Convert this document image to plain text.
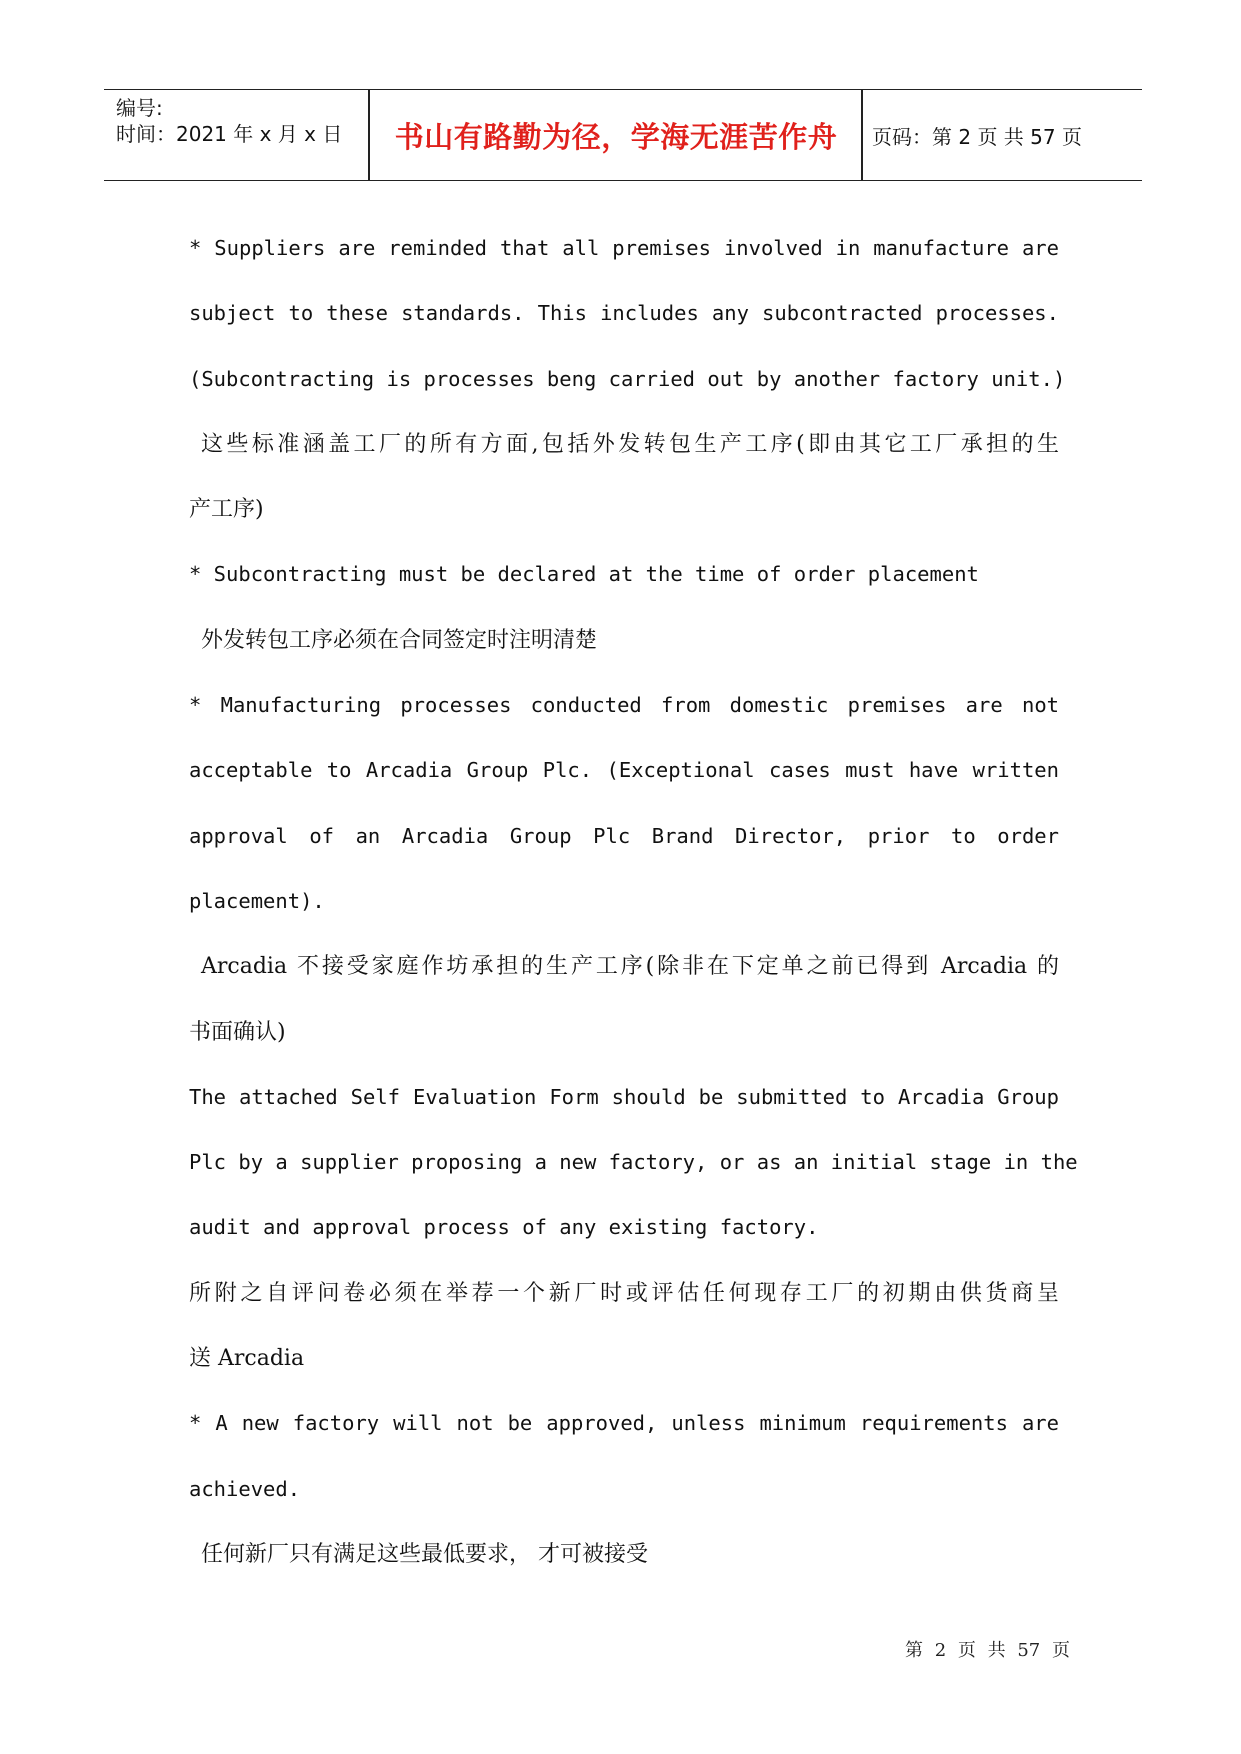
编号:
时间：2021 年 x 月 x 日	书山有路勤为径，学海无涯苦作舟	页码：第 2 页 共 57 页
* Suppliers are reminded that all premises involved in manufacture are
subject to these standards. This includes any subcontracted processes.
(Subcontracting is processes beng carried out by another factory unit.)
这些标准涵盖工厂的所有方面,包括外发转包生产工序(即由其它工厂承担的生
产工序)
* Subcontracting must be declared at the time of order placement
外发转包工序必须在合同签定时注明清楚
* Manufacturing processes conducted from domestic premises are not
acceptable to Arcadia Group Plc. (Exceptional cases must have written
approval of an Arcadia Group Plc Brand Director, prior to order
placement).
Arcadia 不接受家庭作坊承担的生产工序(除非在下定单之前已得到 Arcadia 的
书面确认)
The attached Self Evaluation Form should be submitted to Arcadia Group
Plc by a supplier proposing a new factory, or as an initial stage in the
audit and approval process of any existing factory.
所附之自评问卷必须在举荐一个新厂时或评估任何现存工厂的初期由供货商呈
送 Arcadia
* A new factory will not be approved, unless minimum requirements are
achieved.
任何新厂只有满足这些最低要求， 才可被接受
第 2 页 共 57 页
